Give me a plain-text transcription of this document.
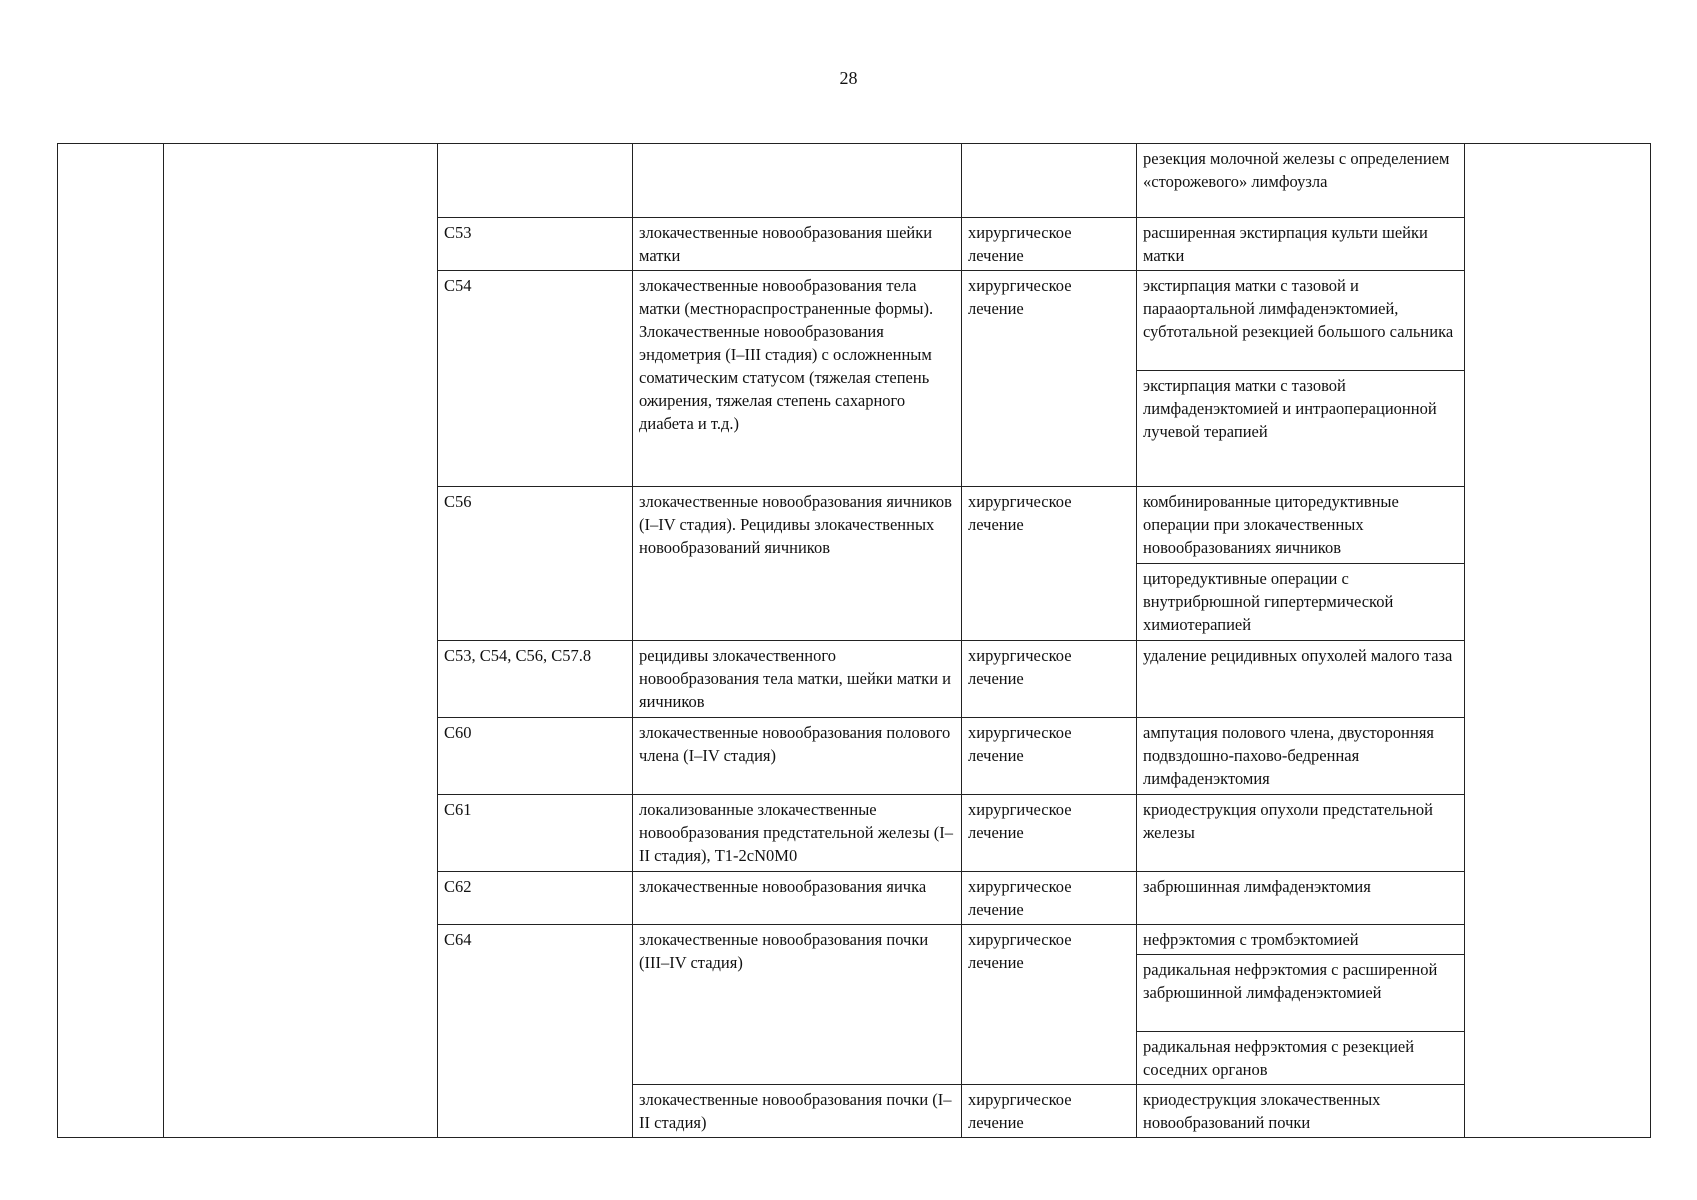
28
					резекция молочной железы с определением «сторожевого» лимфоузла	
		C53	злокачественные новообразования шейки матки	хирургическое лечение	расширенная экстирпация культи шейки матки	
		C54	злокачественные новообразования тела матки (местнораспространенные формы). Злокачественные новообразования эндометрия (I–III стадия) с осложненным соматическим статусом (тяжелая степень ожирения, тяжелая степень сахарного диабета и т.д.)	хирургическое лечение	экстирпация матки с тазовой и парааортальной лимфаденэктомией, субтотальной резекцией большого сальника	
					экстирпация матки с тазовой лимфаденэктомией и интраоперационной лучевой терапией	
		C56	злокачественные новообразования яичников (I–IV стадия). Рецидивы злокачественных новообразований яичников	хирургическое лечение	комбинированные циторедуктивные операции при злокачественных новообразованиях яичников	
					циторедуктивные операции с внутрибрюшной гипертермической химиотерапией	
		C53, C54, C56, C57.8	рецидивы злокачественного новообразования тела матки, шейки матки и яичников	хирургическое лечение	удаление рецидивных опухолей малого таза	
		C60	злокачественные новообразования полового члена (I–IV стадия)	хирургическое лечение	ампутация полового члена, двусторонняя подвздошно-пахово-бедренная лимфаденэктомия	
		C61	локализованные злокачественные новообразования предстательной железы (I–II стадия), T1-2cN0M0	хирургическое лечение	криодеструкция опухоли предстательной железы	
		C62	злокачественные новообразования яичка	хирургическое лечение	забрюшинная лимфаденэктомия	
		C64	злокачественные новообразования почки (III–IV стадия)	хирургическое лечение	нефрэктомия с тромбэктомией	
					радикальная нефрэктомия с расширенной забрюшинной лимфаденэктомией	
					радикальная нефрэктомия с резекцией соседних органов	
			злокачественные новообразования почки (I–II стадия)	хирургическое лечение	криодеструкция злокачественных новообразований почки	
